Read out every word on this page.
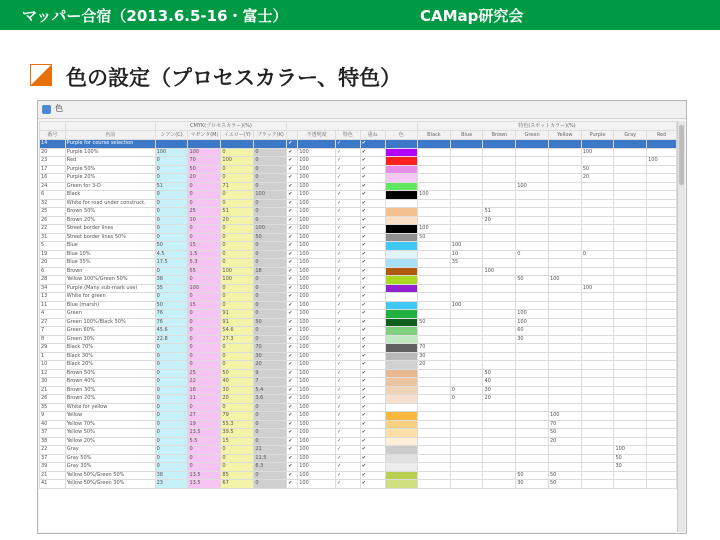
マッパー合宿（2013.6.5-16・富士）	CAMap研究会
色の設定（プロセスカラー、特色）
色
		CMYK(プロセスカラー)(%)									特色(スポットカラー)(%)							
番号	名前	シアン(C)	マゼンタ(M)	イエロー(Y)	ブラック(K)		不透明度	特色	重ね	色	Black	Blue	Brown	Green	Yellow	Purple	Gray	Red
14	Purple for course selection					✔		✓	✔									
20	Purple 100%	100	100	0	0	✔	100	✓	✔							100		
23	Red	0	70	100	0	✔	100	✓	✔									100
17	Purple 50%	0	50	0	0	✔	100	✓	✔							50		
16	Purple 20%	0	20	0	0	✔	100	✓	✔							20		
24	Green for 3-D	51	0	71	0	✔	100	✓	✔					100				
6	Black	0	0	0	100	✔	100	✓	✔		100							
32	White for road under construct.	0	0	0	0	✔	100	✓	✔									
25	Brown 50%	0	25	51	0	✔	100	✓	✔				51					
26	Brown 20%	0	10	20	0	✔	100	✓	✔				20					
22	Street border lines	0	0	0	100	✔	100	✓	✔		100							
31	Street border lines 50%	0	0	0	50	✔	100	✓	✔		50							
5	Blue	50	15	0	0	✔	100	✓	✔			100						
19	Blue 10%	4.5	1.5	0	0	✔	100	✓	✔			10		0		0		
20	Blue 35%	17.5	5.3	0	0	✔	100	✓	✔			35						
6	Brown	0	55	100	18	✔	100	✓	✔				100					
28	Yellow 100%/Green 50%	38	0	100	0	✔	100	✓	✔					50	100			
34	Purple (Many sub-mark use)	35	100	0	0	✔	100	✓	✔							100		
13	White for green	0	0	0	0	✔	100	✓	✔									
11	Blue (marsh)	50	15	0	0	✔	100	✓	✔			100						
4	Green	76	0	91	0	✔	100	✓	✔					100				
27	Green 100%/Black 50%	76	0	91	50	✔	100	✓	✔		50			100				
7	Green 60%	45.6	0	54.6	0	✔	100	✓	✔					60				
8	Green 30%	22.8	0	27.3	0	✔	100	✓	✔					30				
29	Black 70%	0	0	0	70	✔	100	✓	✔		70							
1	Black 30%	0	0	0	30	✔	100	✓	✔		30							
10	Black 20%	0	0	0	20	✔	100	✓	✔		20							
12	Brown 50%	0	25	50	9	✔	100	✓	✔				50					
30	Brown 40%	0	22	40	7	✔	100	✓	✔				40					
21	Brown 30%	0	16	30	5.4	✔	100	✓	✔			0	30					
26	Brown 20%	0	11	20	3.6	✔	100	✓	✔			0	20					
35	White for yellow	0	0	0	0	✔	100	✓	✔									
9	Yellow	0	27	79	0	✔	100	✓	✔						100			
40	Yellow 70%	0	19	55.3	0	✔	100	✓	✔						70			
37	Yellow 50%	0	13.5	39.5	0	✔	100	✓	✔						50			
38	Yellow 20%	0	5.5	15	0	✔	100	✓	✔						20			
22	Gray	0	0	0	21	✔	100	✓	✔								100	
37	Gray 50%	0	0	0	11.5	✔	100	✓	✔								50	
39	Gray 30%	0	0	0	6.3	✔	100	✓	✔								30	
21	Yellow 50%/Green 50%	38	13.5	85	0	✔	100	✓	✔					50	50			
41	Yellow 50%/Green 30%	23	13.5	67	0	✔	100	✓	✔					30	50			
